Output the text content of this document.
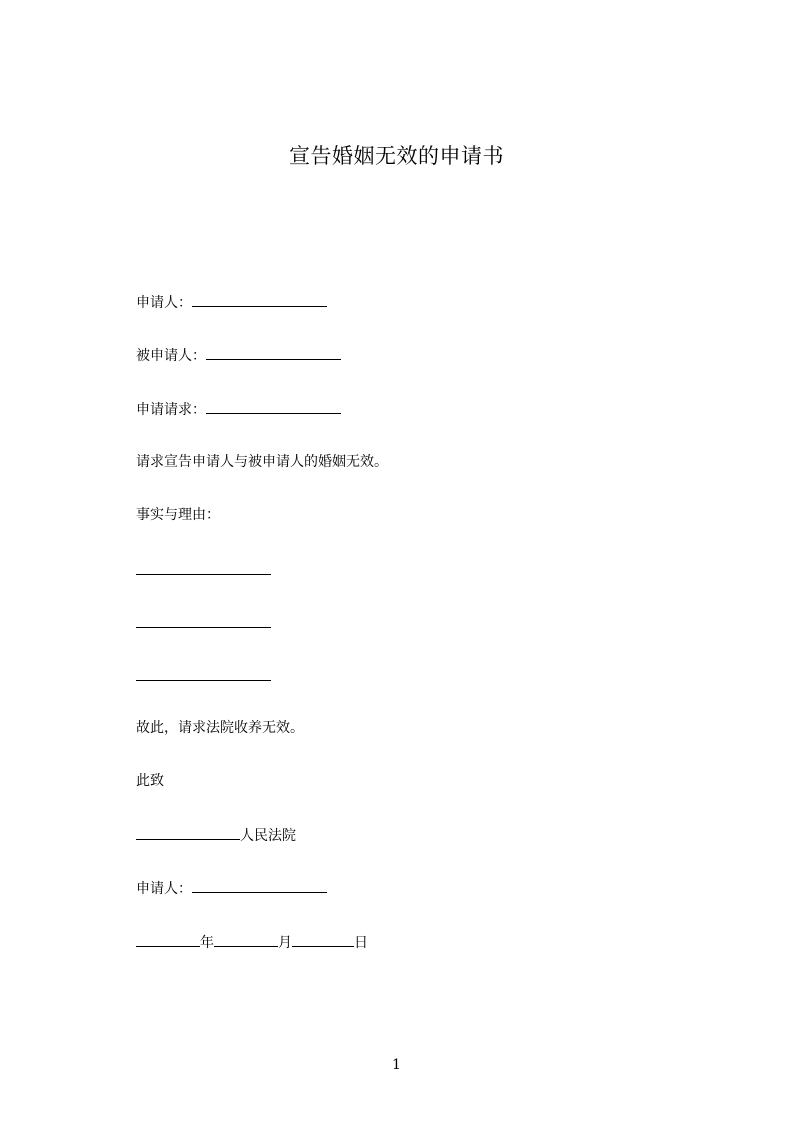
宣告婚姻无效的申请书
申请人：
被申请人：
申请请求：
请求宣告申请人与被申请人的婚姻无效。
事实与理由：
故此，请求法院收养无效。
此致
人民法院
申请人：
年	月	日
1
